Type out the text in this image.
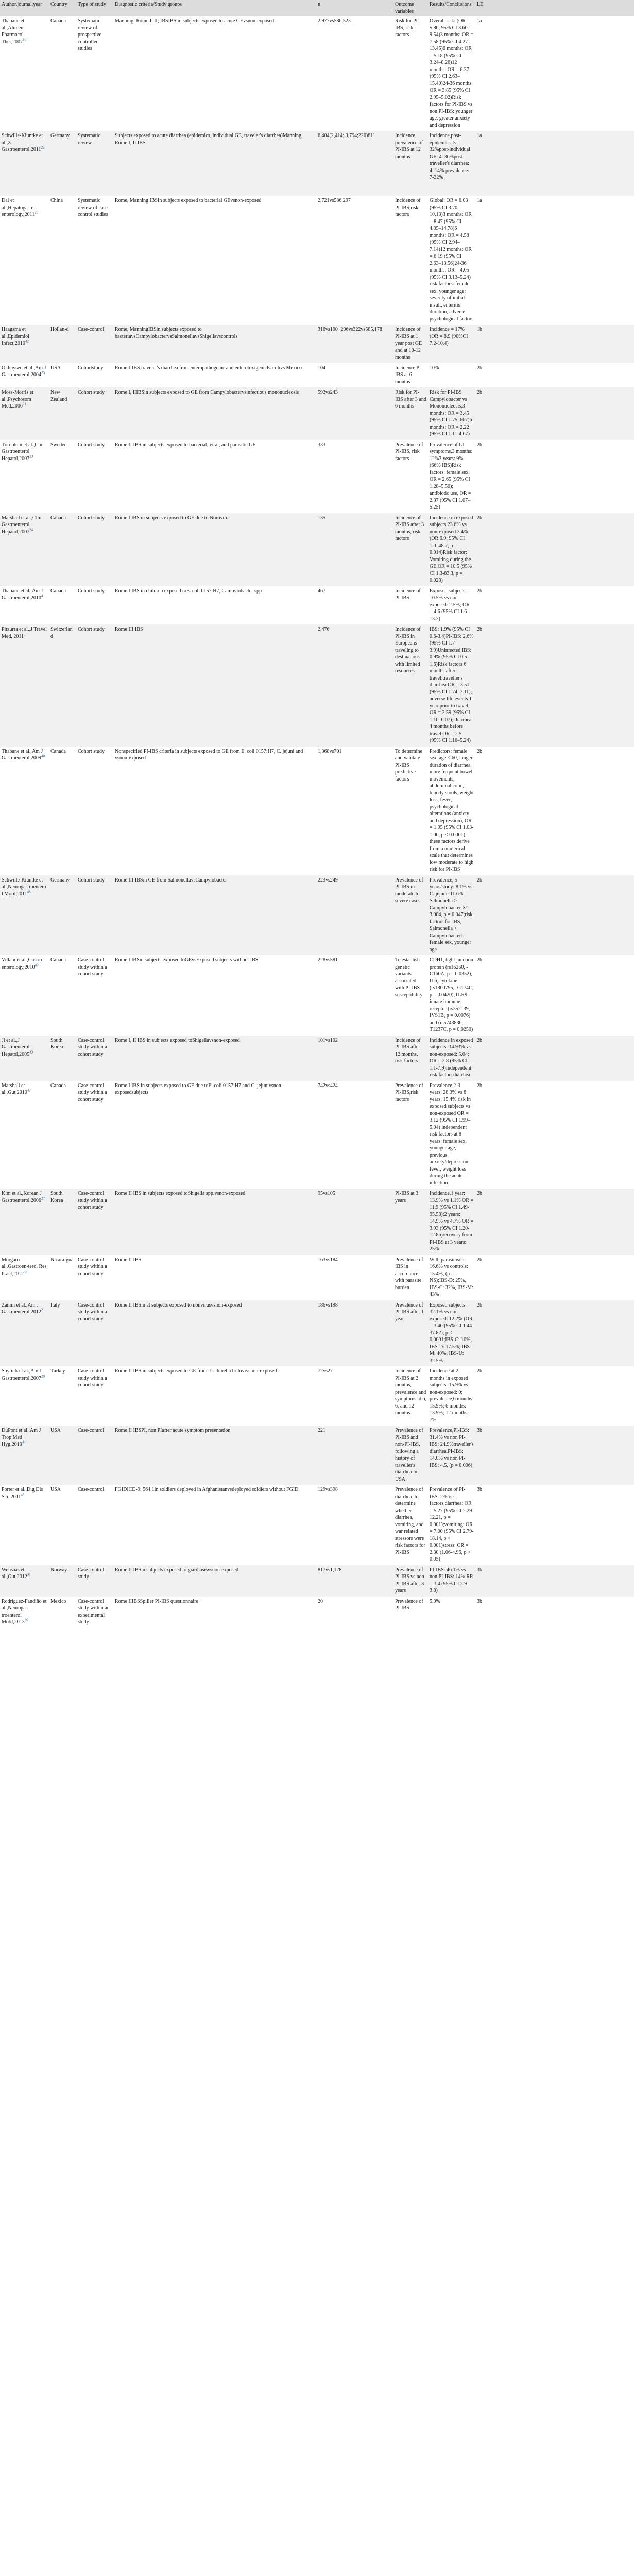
Author,journal,year	Country	Type of study	Diagnostic criteria/Study groups	n	Outcome variables	Results/Conclusions	LE	
Thabane et al.,Aliment Pharmacol Ther,2007$^{19}$	Canada	Systematic review of prospective controlled studies	Manning; Rome I, II; IBSIBS in subjects exposed to acute GEvsnon-exposed	2,977vs586,523	Risk for PI-IBS, risk factors	Overall risk: (OR = 5.86; 95% CI 3.60–9.54)3 months: OR = 7.58 (95% CI 4.27–13.45)6 months: OR = 5.18 (95% CI 3.24–8.26)12 months: OR = 6.37 (95% CI 2.63–15.40)24-36 months: OR = 3.85 (95% CI 2.95–5.02)Risk factors for PI-IBS vs non PI-IBS: younger age, greater anxiety and depression	1a	
Schwille-Kiuntke et al.,Z Gastroenterol,2011$^{22}$	Germany	Systematic review	Subjects exposed to acute diarrhea (epidemics, individual GE, traveler's diarrhea)Manning, Rome I, II IBS	6,404(2,414; 3,794;226)811	Incidence, prevalence of PI-IBS at 12 months	Incidence,post-epidemics: 5–32%post-individual GE: 4–36%post-traveller's diarrhea: 4–14% prevalence: 7-32%	1a	
Dai et al.,Hepatogastro-enterology,2011$^{26}$	China	Systematic review of case-control studies	Rome, Manning IBSIn subjects exposed to bacterial GEvsnon-exposed	2,721vs586,297	Incidence of PI-IBS,risk factors	Global: OR = 6.03 (95% CI 3.70–10.13)3 months: OR = 8.47 (95% CI 4.85–14.78)6 months: OR = 4.58 (95% CI 2.94–7.14)12 months: OR = 6.19 (95% CI 2.63–13.56)24-36 months: OR = 4.05 (95% CI 3.13–5.24) risk factors: female sex, younger age; severity of initial insult, enteritis duration, adverse psychological factors	1a	
Haagsma et al.,Epidemiol Infect,2010$^{42}$	Hollan-d	Case-control	Rome, ManningIBSin subjects exposed to bacteriavsCampylobactervsSalmonellavsShigellavscontrols	316vs100+206vs322vs585,178	Incidence of PI-IBS at 1 year post GE and at 10-12 months	Incidence = 17% (OR = 8.9 (90%CI 7.2-10.4)	1b	
Okhuysen et al.,Am J Gastroenterol,2004$^{25}$	USA	Cohortstudy	Rome IIIBS,traveler's diarrhea fromenteropathogenic and enterotoxigenicE. colivs Mexico	104	Incidence PI-IBS at 6 months	10%	2b	
Moss-Morris et al.,Psychosom Med,2006$^{21}$	New Zealand	Cohort study	Rome I, IIIBSin subjects exposed to GE from Campylobactervsinfectious mononucleosis	592vs243	Risk for PI-IBS after 3 and 6 months	Risk for PI-IBS Campylobacter vs Mononucleosis,3 months: OR = 3.45 (95% CI 1.75–667)6 months: OR = 2.22 (95% CI 1.11-4.67)	2b	
Törnblom et al.,Clin Gastroenterol Hepatol,2007$^{23}$	Sweden	Cohort study	Rome II IBS in subjects exposed to bacterial, viral, and parasitic GE	333	Prevalence of PI-IBS, risk factors	Prevalence of GI symptoms,3 months: 12%3 years: 9% (66% IBS)Risk factors: female sex, OR = 2.65 (95% CI 1.28–5.50); antibiotic use, OR = 2.37 (95% CI 1.07–5.25)	2b	
Marshall et al.,Clin Gastroenterol Hepatol,2007$^{24}$	Canada	Cohort study	Rome I IBS in subjects exposed to GE due to Norovirus	135	Incidence of PI-IBS after 3 months, risk factors	Incidence in exposed subjects 23.6% vs non-exposed 3.4% (OR 6.9; 95% CI 1.0–48.7; p = 0.014)Risk factor: Vomiting during the GE,OR = 10.5 (95% CI 1.3-83.3, p = 0.028)	2b	
Thabane et al.,Am J Gastroenterol,2010$^{41}$	Canada	Cohort study	Rome I IBS in children exposed toE. coli 0157:H7, Campylobacter spp	467	Incidence of PI-IBS	Exposed subjects: 10.5% vs non-exposed: 2.5%; OR = 4.6 (95% CI 1.6–13.3)	2b	
Pitzurra et al.,J Travel Med, 2011$^3$	Switzerland	Cohort study	Rome III IBS	2,476	Incidence of PI-IBS in Europeans traveling to destinations with limited resources	IBS: 1.9% (95% CI 0.6-3.4)PI-IBS: 2.6% (95% CI 1.7-3.9)Uninfected IBS: 0.9% (95% CI 0.5-1.6)Risk factors 6 months after travel:traveller's diarrhea OR = 3.51 (95% CI 1.74–7.11); adverse life events 1 year prior to travel, OR = 2.59 (95% CI 1.10–6.07); diarrhea 4 months before travel OR = 2.5 (95% CI 1.16–5.24)	2b	
Thabane et al.,Am J Gastroenterol,2009$^{40}$	Canada	Cohort study	Nonspecified PI-IBS criteria in subjects exposed to GE from E. coli 0157:H7, C. jejuni and vsnon-exposed	1,368vs701	To determine and validate PI-IBS predictive factors	Predictors: female sex, age < 60, longer duration of diarrhea, more frequent bowel movements, abdominal colic, bloody stools, weight loss, fever, psychological alterations (anxiety and depression), OR = 1.05 (95% CI 1.03-1.06, p < 0.0001); these factors derive from a numerical scale that determines low moderate to high risk for PI-IBS	2b	
Schwille-Kiuntke et al.,Neurogastroenterol Motil,2011$^{48}$	Germany	Cohort study	Rome III IBSin GE from SalmonellavsCampylobacter	223vs249	Prevalence of PI-IBS in moderate to severe cases	Prevalence, 5 years/study: 8.1% vs C. jejuni: 11.6%; Salmonella > Campylobacter X² = 3.984, p = 0.047;risk factors for IBS, Salmonella > Campylobacter: female sex, younger age	2b	
Villani et al.,Gastro-enterology,2010$^{49}$	Canada	Case-control study within a cohort study	Rome I IBSin subjects exposed toGEvsExposed subjects without IBS	228vs581	To establish genetic variants associated with PI-IBS susceptibility	CDH1, tight junction protein (rs16260, -C160A, p = 0.0352), IL6, cytokine (rs1800795, -G174C, p = 0.0420);TLR9, innate immune receptor (rs352139, IVS1B, p = 0.0076) and (rs5743836, -T1237C, p = 0.0250)	2b	
Ji et al.,J Gastroenterol Hepatol,2005$^{43}$	South Korea	Case-control study within a cohort study	Rome I, II IBS in subjects exposed toShigellavsnon-exposed	101vs102	Incidence of PI-IBS after 12 months, risk factors	Incidence in exposed subjects: 14.93% vs non-exposed: 5.04; OR = 2.8 (95% CI 1.1-7.9)Independent risk factor: diarrhea	2b	
Marshall et al.,Gut,2010$^{47}$	Canada	Case-control study within a cohort study	Rome I IBS in subjects exposed to GE due toE. coli 0157:H7 and C. jejunivsnon-exposedsubjects	742vs424	Prevalence of PI-IBS,risk factors	Prevalence,2-3 years: 28.3% vs 8 years: 15.4% risk in exposed subjects vs non-exposed OR = 3.12 (95% CI 1.99–5.04) independent risk factors at 8 years: female sex, younger age, previous anxiety/depression, fever, weight loss during the acute infection	2b	
Kim et al.,Korean J Gastroenterol,2006$^{27}$	South Korea	Case-control study within a cohort study	Rome II IBS in subjects exposed toShigella spp.vsnon-exposed	95vs105	PI-IBS at 3 years	Incidence,1 year: 13.9% vs 1.1% OR = 11.9 (95% CI 1.49-95.58);2 years: 14.9% vs 4.7% OR = 3.93 (95% CI 1.20-12.86)recovery from PI-IBS at 3 years: 25%	2b	
Morgan et al.,Gastroen-terol Res Pract,2012$^{35}$	Nicara-gua	Case-control study within a cohort study	Rome II IBS	163vs184	Prevalence of IBS in accordance with parasite burden	With parasitosis: 16.6% vs controls: 15.4%, (p = NS);IBS-D: 25%, IBS-C: 32%, IBS-M: 43%	2b	
Zanini et al.,Am J Gastroenterol,2012$^2$	Italy	Case-control study within a cohort study	Rome II IBSin at subjects exposed to nonvirusvsnon-exposed	186vs198	Prevalence of PI-IBS after 1 year	Exposed subjects: 32.1% vs non-exposed: 12.2% (OR = 3.40 (95% CI 1.44-37.82), p < 0.0001;IBS-C: 10%, IBS-D: 17.5%; IBS-M: 40%, IBS-U: 32.5%	2b	
Soyturk et al.,Am J Gastroenterol,2007$^{29}$	Turkey	Case-control study within a cohort study	Rome II IBS in subjects exposed to GE from Trichinella britovivsnon-exposed	72vs27	Incidence of PI-IBS at 2 months, prevalence and symptoms at 6, 6, and 12 months	Incidence at 2 months in exposed subjects: 15.9% vs non-exposed: 0; prevalence,6 months: 15.9%; 6 months: 13.9%; 12 months: 7%	2b	
DuPont et al.,Am J Trop Med Hyg,2010$^{44}$	USA	Case-control	Rome II IBSPI, non PIafter acute symptom presentation	221	Prevalence of PI-IBS and non-PI-IBS, following a history of traveller's diarrhea in USA	Prevalence,PI-IBS: 31.4% vs non PI-IBS: 24.9%traveller's diarrhea,PI-IBS: 14.0% vs non PI-IBS: 4.5, (p = 0.006)	3b	
Porter et al.,Dig Dis Sci, 2011$^{45}$	USA	Case-control	FGIDICD-9: 564.1in soldiers deployed in Afghanistanvsdeployed soldiers without FGID	129vs398	Prevalence of diarrhea, to determine whether diarrhea, vomiting, and war related stressors were risk factors for PI-IBS	Prevalence of PI-IBS: 2%risk factors,diarrhea: OR = 5.27 (95% CI 2.29-12.21, p = 0.001);vomiting: OR = 7.00 (95% CI 2.79-18.14, p < 0.001)stress: OR = 2.30 (1.06-4.96, p < 0.05)	3b	
Wensaas et al.,Gut,2012$^{31}$	Norway	Case-control study	Rome II IBSin subjects exposed to giardiasisvsnon-exposed	817vs1,128	Prevalence of PI-IBS vs non PI-IBS after 3 years	PI-IBS: 46.1% vs non PI-IBS: 14% RR = 3.4 (95% CI 2.9-3.8)	3b	
Rodríguez-Fandiño et al.,Neurogas-troenterol Motil,2013$^{30}$	Mexico	Case-control study within an experimental study	Rome IIIBSSpiller PI-IBS questionnaire	20	Prevalence of PI-IBS	5.0%	3b	
